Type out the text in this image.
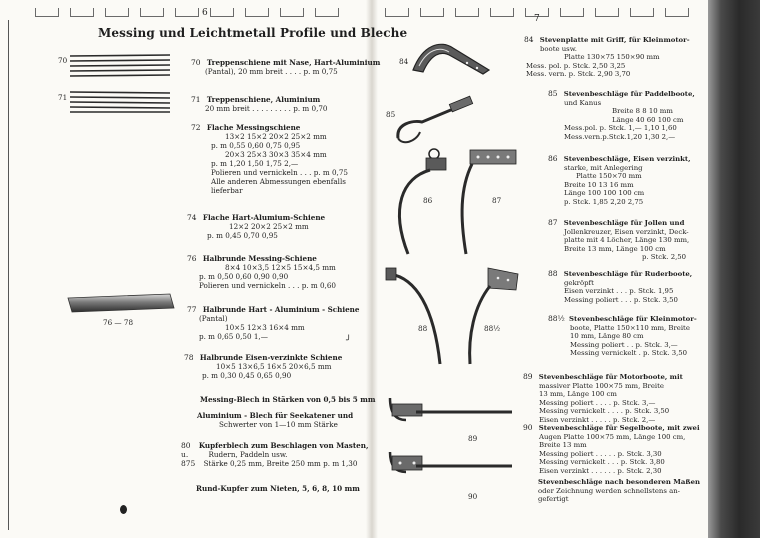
6
7
Messing und Leichtmetall Profile und Bleche
70
71
70 Treppenschiene mit Nase, Hart-Aluminium
(Pantal), 20 mm breit . . . . p. m 0,75
71 Treppenschiene, Aluminium
20 mm breit . . . . . . . . . p. m 0,70
72 Flache Messingschiene
13×2 15×2 20×2 25×2 mm
p. m 0,55 0,60 0,75 0,95
20×3 25×3 30×3 35×4 mm
p. m 1,20 1,50 1,75 2,—
Polieren und vernickeln . . . p. m 0,75
Alle anderen Abmessungen ebenfalls
lieferbar
74 Flache Hart-Alumium-Schiene
12×2 20×2 25×2 mm
p. m 0,45 0,70 0,95
76 — 78
76 Halbrunde Messing-Schiene
8×4 10×3,5 12×5 15×4,5 mm
p. m 0,50 0,60 0,90 0,90
Polieren und vernickeln . . . p. m 0,60
77 Halbrunde Hart - Aluminium - Schiene
(Pantal)
10×5 12×3 16×4 mm
p. m 0,65 0,50 1,—	╯
78 Halbrunde Eisen-verzinkte Schiene
10×5 13×6,5 16×5 20×6,5 mm
p. m 0,30 0,45 0,65 0,90
Messing-Blech in Stärken von 0,5 bis 5 mm
Aluminium - Blech für Seekatener und
Schwerter von 1—10 mm Stärke
80 Kupferblech zum Beschlagen von Masten,
u.	Rudern, Paddeln usw.
875 Stärke 0,25 mm, Breite 250 mm p. m 1,30
Rund-Kupfer zum Nieten, 5, 6, 8, 10 mm
84
85
86	87
88	88½
89
90
84 Stevenplatte mit Griff, für Kleinmotor-
boote usw.
Platte 130×75 150×90 mm
Mess. pol. p. Stck. 2,50 3,25
Mess. vern. p. Stck. 2,90 3,70
85 Stevenbeschläge für Paddelboote,
und Kanus
Breite 8 8 10 mm
Länge 40 60 100 cm
Mess.pol. p. Stck. 1,— 1,10 1,60
Mess.vern.p.Stck.1,20 1,30 2,—
86 Stevenbeschläge, Eisen verzinkt,
starke, mit Anlegering
Platte 150×70 mm
Breite 10 13 16 mm
Länge 100 100 100 cm
p. Stck. 1,85 2,20 2,75
87 Stevenbeschläge für Jollen und
Jollenkreuzer, Eisen verzinkt, Deck-
platte mit 4 Löcher, Länge 130 mm,
Breite 13 mm, Länge 100 cm
p. Stck. 2,50
88 Stevenbeschläge für Ruderboote,
gekröpft
Eisen verzinkt . . . p. Stck. 1,95
Messing poliert . . . p. Stck. 3,50
88½ Stevenbeschläge für Kleinmotor-
boote, Platte 150×110 mm, Breite
10 mm, Länge 80 cm
Messing poliert . . p. Stck. 3,—
Messing vernickelt . p. Stck. 3,50
89 Stevenbeschläge für Motorboote, mit
massiver Platte 100×75 mm, Breite
13 mm, Länge 100 cm
Messing poliert . . . . p. Stck. 3,—
Messing vernickelt . . . . p. Stck. 3,50
Eisen verzinkt . . . . . p. Stck. 2,—
90 Stevenbeschläge für Segelboote, mit zwei
Augen Platte 100×75 mm, Länge 100 cm,
Breite 13 mm
Messing poliert . . . . . p. Stck. 3,30
Messing vernickelt . . . p. Stck. 3,80
Eisen verzinkt . . . . . . p. Stck. 2,30
Stevenbeschläge nach besonderen Maßen
oder Zeichnung werden schnellstens an-
gefertigt
